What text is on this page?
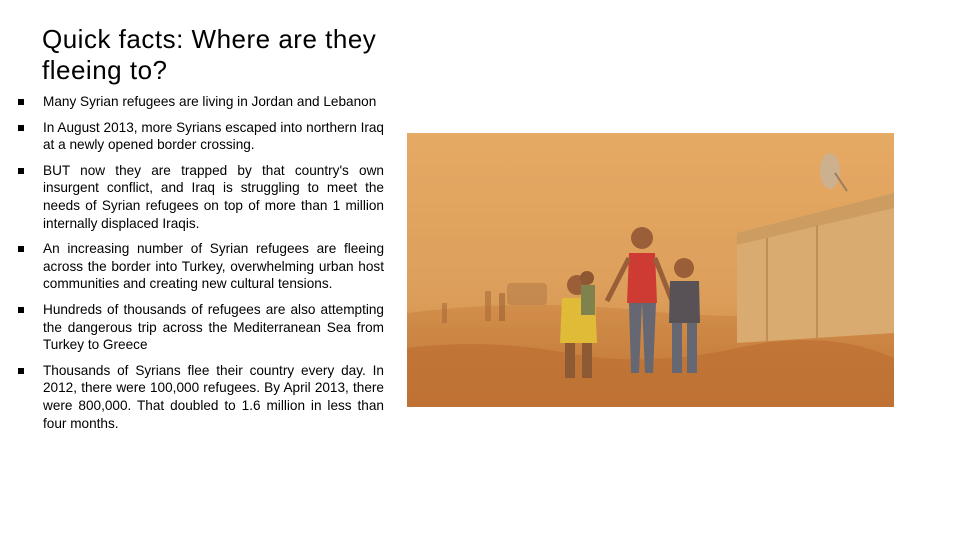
Quick facts: Where are they fleeing to?
Many Syrian refugees are living in Jordan and Lebanon
In August 2013, more Syrians escaped into northern Iraq at a newly opened border crossing.
BUT now they are trapped by that country's own insurgent conflict, and Iraq is struggling to meet the needs of Syrian refugees on top of more than 1 million internally displaced Iraqis.
An increasing number of Syrian refugees are fleeing across the border into Turkey, overwhelming urban host communities and creating new cultural tensions.
Hundreds of thousands of refugees are also attempting the dangerous trip across the Mediterranean Sea from Turkey to Greece
Thousands of Syrians flee their country every day. In 2012, there were 100,000 refugees. By April 2013, there were 800,000. That doubled to 1.6 million in less than four months.
